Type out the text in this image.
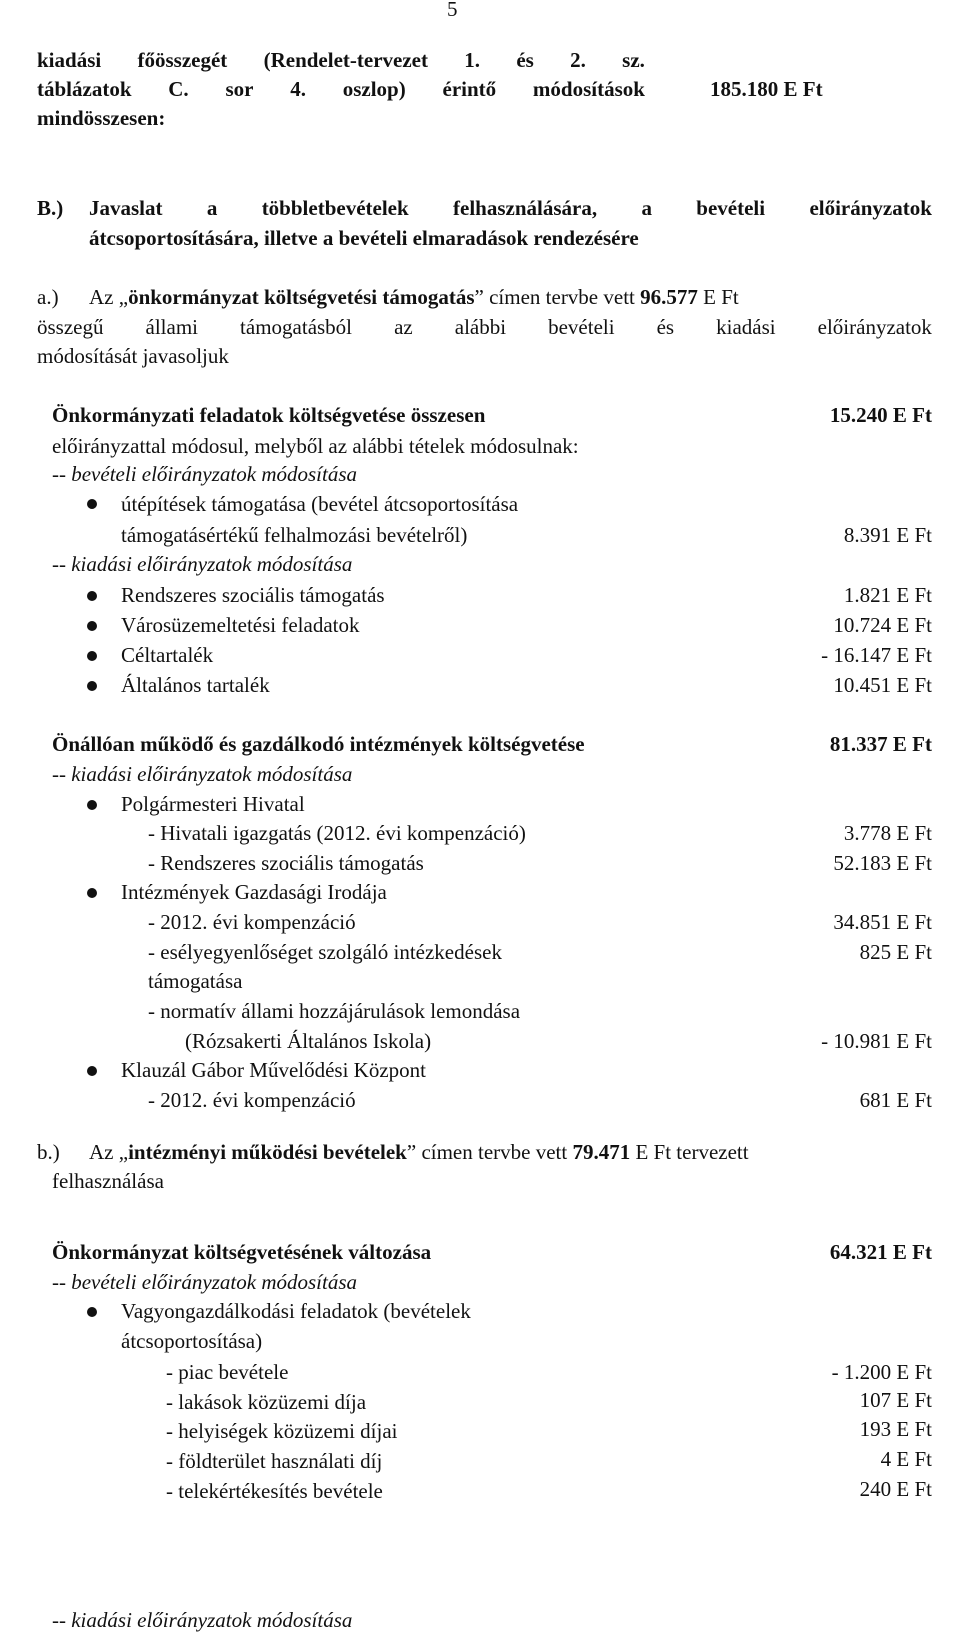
5
kiadási főösszegét (Rendelet-tervezet 1. és 2. sz.
táblázatok C. sor 4. oszlop) érintő módosítások	185.180 E Ft
mindösszesen:
B.) Javaslat a többletbevételek felhasználására, a bevételi előirányzatok
átcsoportosítására, illetve a bevételi elmaradások rendezésére
a.) Az „önkormányzat költségvetési támogatás” címen tervbe vett 96.577 E Ft
összegű állami támogatásból az alábbi bevételi és kiadási előirányzatok
módosítását javasoljuk
Önkormányzati feladatok költségvetése összesen	15.240 E Ft
előirányzattal módosul, melyből az alábbi tételek módosulnak:
-- bevételi előirányzatok módosítása
útépítések támogatása (bevétel átcsoportosítása
támogatásértékű felhalmozási bevételről)	8.391 E Ft
-- kiadási előirányzatok módosítása
Rendszeres szociális támogatás	1.821 E Ft
Városüzemeltetési feladatok	10.724 E Ft
Céltartalék	- 16.147 E Ft
Általános tartalék	10.451 E Ft
Önállóan működő és gazdálkodó intézmények költségvetése	81.337 E Ft
-- kiadási előirányzatok módosítása
Polgármesteri Hivatal
- Hivatali igazgatás (2012. évi kompenzáció)	3.778 E Ft
- Rendszeres szociális támogatás	52.183 E Ft
Intézmények Gazdasági Irodája
- 2012. évi kompenzáció	34.851 E Ft
- esélyegyenlőséget szolgáló intézkedések	825 E Ft
támogatása
- normatív állami hozzájárulások lemondása
(Rózsakerti Általános Iskola)	- 10.981 E Ft
Klauzál Gábor Művelődési Központ
- 2012. évi kompenzáció	681 E Ft
b.) Az „intézményi működési bevételek” címen tervbe vett 79.471 E Ft tervezett
felhasználása
Önkormányzat költségvetésének változása	64.321 E Ft
-- bevételi előirányzatok módosítása
Vagyongazdálkodási feladatok (bevételek
átcsoportosítása)
- piac bevétele	- 1.200 E Ft
- lakások közüzemi díja	107 E Ft
- helyiségek közüzemi díjai	193 E Ft
- földterület használati díj	4 E Ft
- telekértékesítés bevétele	240 E Ft
-- kiadási előirányzatok módosítása
